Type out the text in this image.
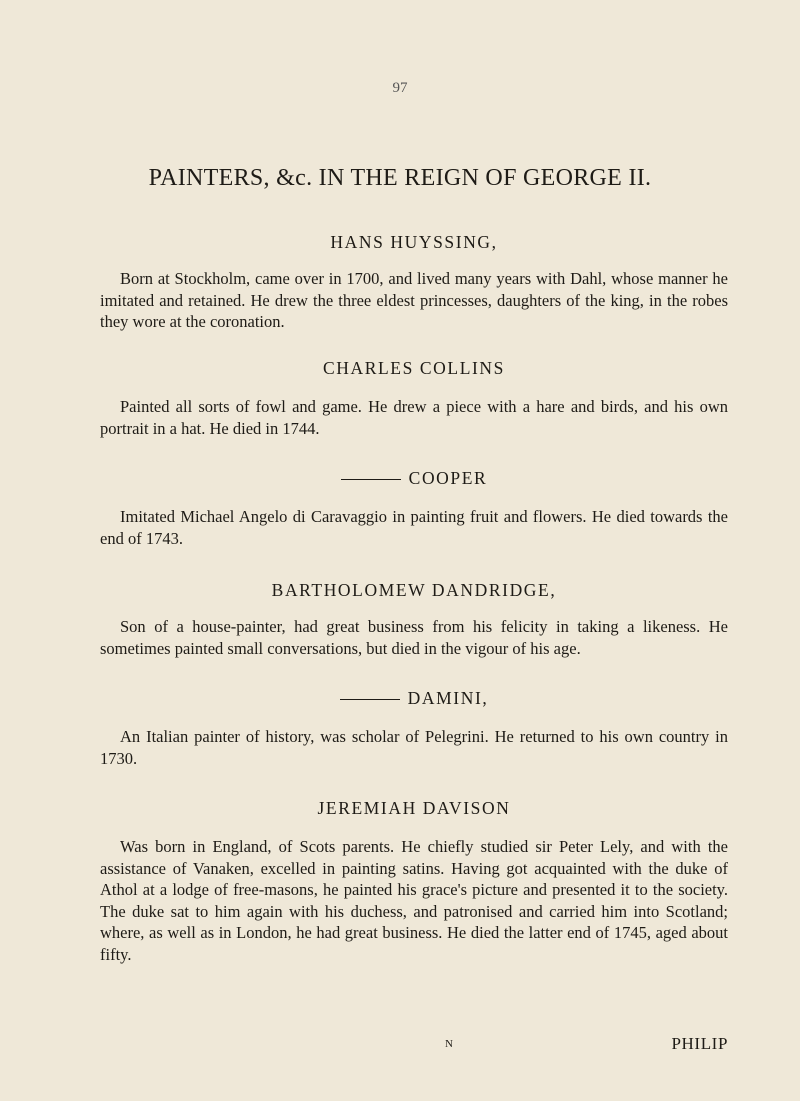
97
PAINTERS, &c. IN THE REIGN OF GEORGE II.

HANS HUYSSING,

Born at Stockholm, came over in 1700, and lived many years with Dahl, whose manner he imitated and retained. He drew the three eldest princesses, daughters of the king, in the robes they wore at the coronation.

CHARLES COLLINS

Painted all sorts of fowl and game. He drew a piece with a hare and birds, and his own portrait in a hat. He died in 1744.

COOPER

Imitated Michael Angelo di Caravaggio in painting fruit and flowers. He died towards the end of 1743.

BARTHOLOMEW DANDRIDGE,

Son of a house-painter, had great business from his felicity in taking a likeness. He sometimes painted small conversations, but died in the vigour of his age.

DAMINI,

An Italian painter of history, was scholar of Pelegrini. He returned to his own country in 1730.

JEREMIAH DAVISON

Was born in England, of Scots parents. He chiefly studied sir Peter Lely, and with the assistance of Vanaken, excelled in painting satins. Having got acquainted with the duke of Athol at a lodge of free-masons, he painted his grace's picture and presented it to the society. The duke sat to him again with his duchess, and patronised and carried him into Scotland; where, as well as in London, he had great business. He died the latter end of 1745, aged about fifty.

N	PHILIP
